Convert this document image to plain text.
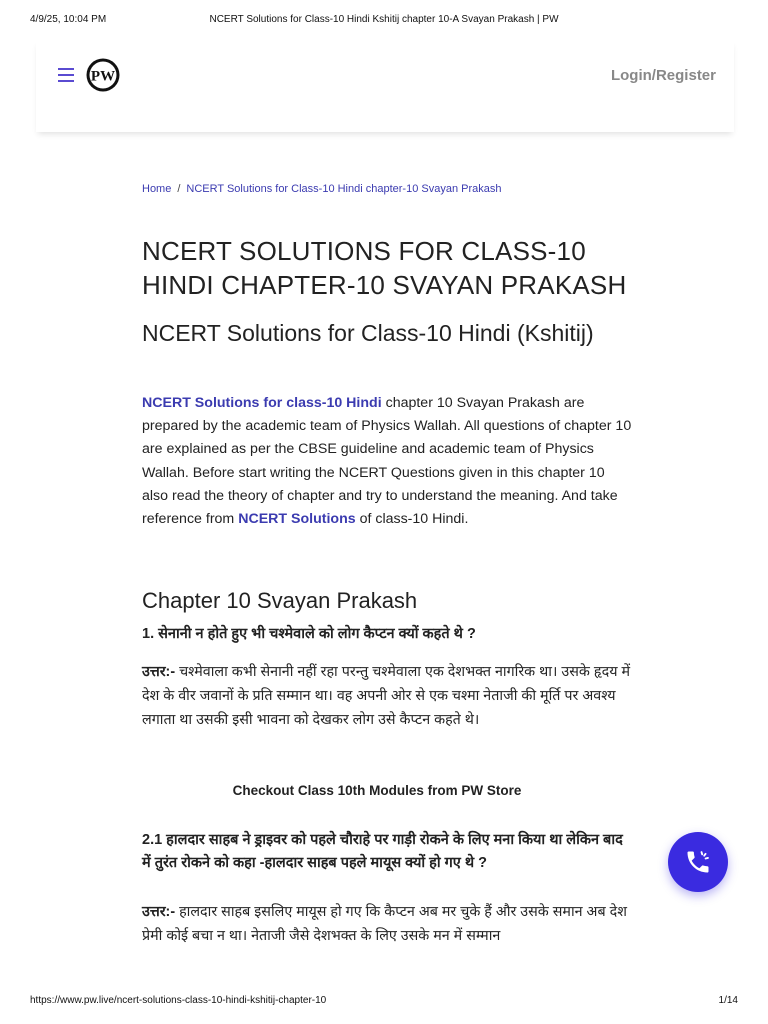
4/9/25, 10:04 PM	NCERT Solutions for Class-10 Hindi Kshitij chapter 10-A Svayan Prakash | PW
PW	Login/Register
Home / NCERT Solutions for Class-10 Hindi chapter-10 Svayan Prakash
NCERT SOLUTIONS FOR CLASS-10 HINDI CHAPTER-10 SVAYAN PRAKASH
NCERT Solutions for Class-10 Hindi (Kshitij)

NCERT Solutions for class-10 Hindi chapter 10 Svayan Prakash are prepared by the academic team of Physics Wallah. All questions of chapter 10 are explained as per the CBSE guideline and academic team of Physics Wallah. Before start writing the NCERT Questions given in this chapter 10 also read the theory of chapter and try to understand the meaning. And take reference from NCERT Solutions of class-10 Hindi.

Chapter 10 Svayan Prakash

1. सेनानी न होते हुए भी चश्मेवाले को लोग कैप्टन क्यों कहते थे ?

उत्तर:- चश्मेवाला कभी सेनानी नहीं रहा परन्तु चश्मेवाला एक देशभक्त नागरिक था। उसके हृदय में देश के वीर जवानों के प्रति सम्मान था। वह अपनी ओर से एक चश्मा नेताजी की मूर्ति पर अवश्य लगाता था उसकी इसी भावना को देखकर लोग उसे कैप्टन कहते थे।

Checkout Class 10th Modules from PW Store

2.1 हालदार साहब ने ड्राइवर को पहले चौराहे पर गाड़ी रोकने के लिए मना किया था लेकिन बाद में तुरंत रोकने को कहा -हालदार साहब पहले मायूस क्यों हो गए थे ?

उत्तर:- हालदार साहब इसलिए मायूस हो गए कि कैप्टन अब मर चुके हैं और उसके समान अब देश प्रेमी कोई बचा न था। नेताजी जैसे देशभक्त के लिए उसके मन में सम्मान

https://www.pw.live/ncert-solutions-class-10-hindi-kshitij-chapter-10	1/14
